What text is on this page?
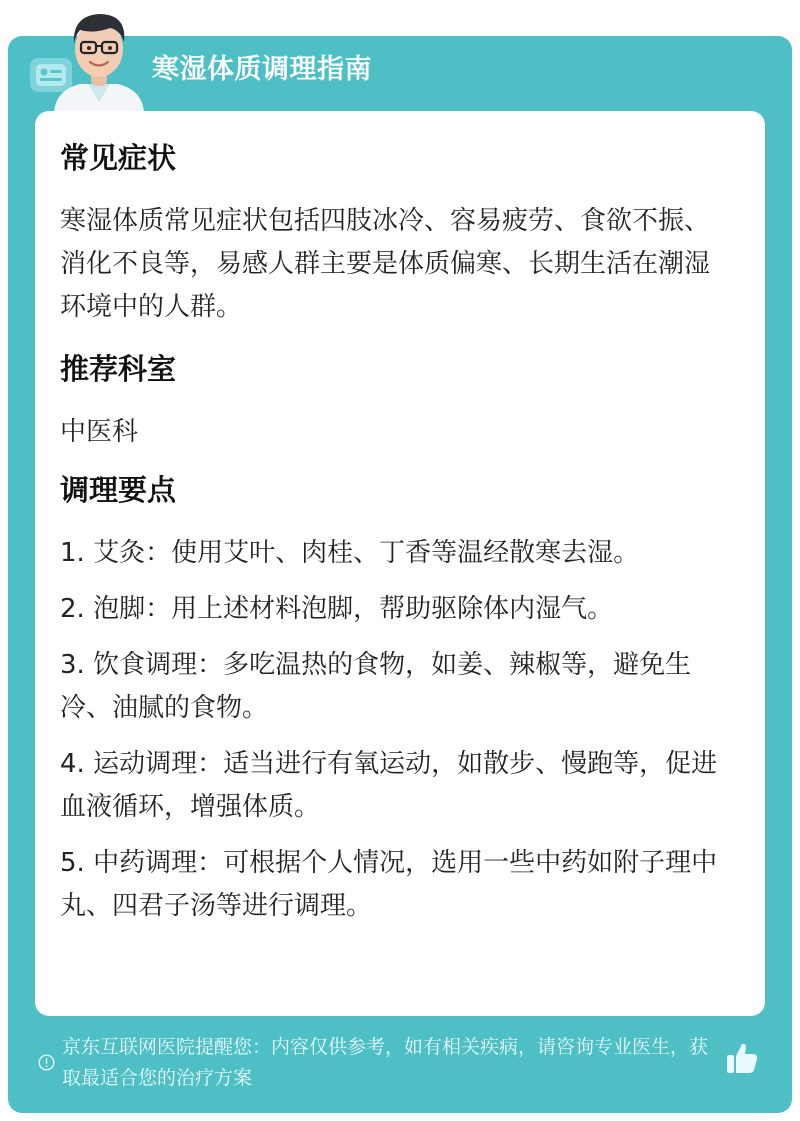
寒湿体质调理指南
常见症状
寒湿体质常见症状包括四肢冰冷、容易疲劳、食欲不振、消化不良等，易感人群主要是体质偏寒、长期生活在潮湿环境中的人群。
推荐科室
中医科
调理要点
1. 艾灸：使用艾叶、肉桂、丁香等温经散寒去湿。
2. 泡脚：用上述材料泡脚，帮助驱除体内湿气。
3. 饮食调理：多吃温热的食物，如姜、辣椒等，避免生冷、油腻的食物。
4. 运动调理：适当进行有氧运动，如散步、慢跑等，促进血液循环，增强体质。
5. 中药调理：可根据个人情况，选用一些中药如附子理中丸、四君子汤等进行调理。
京东互联网医院提醒您：内容仅供参考，如有相关疾病，请咨询专业医生，获取最适合您的治疗方案
